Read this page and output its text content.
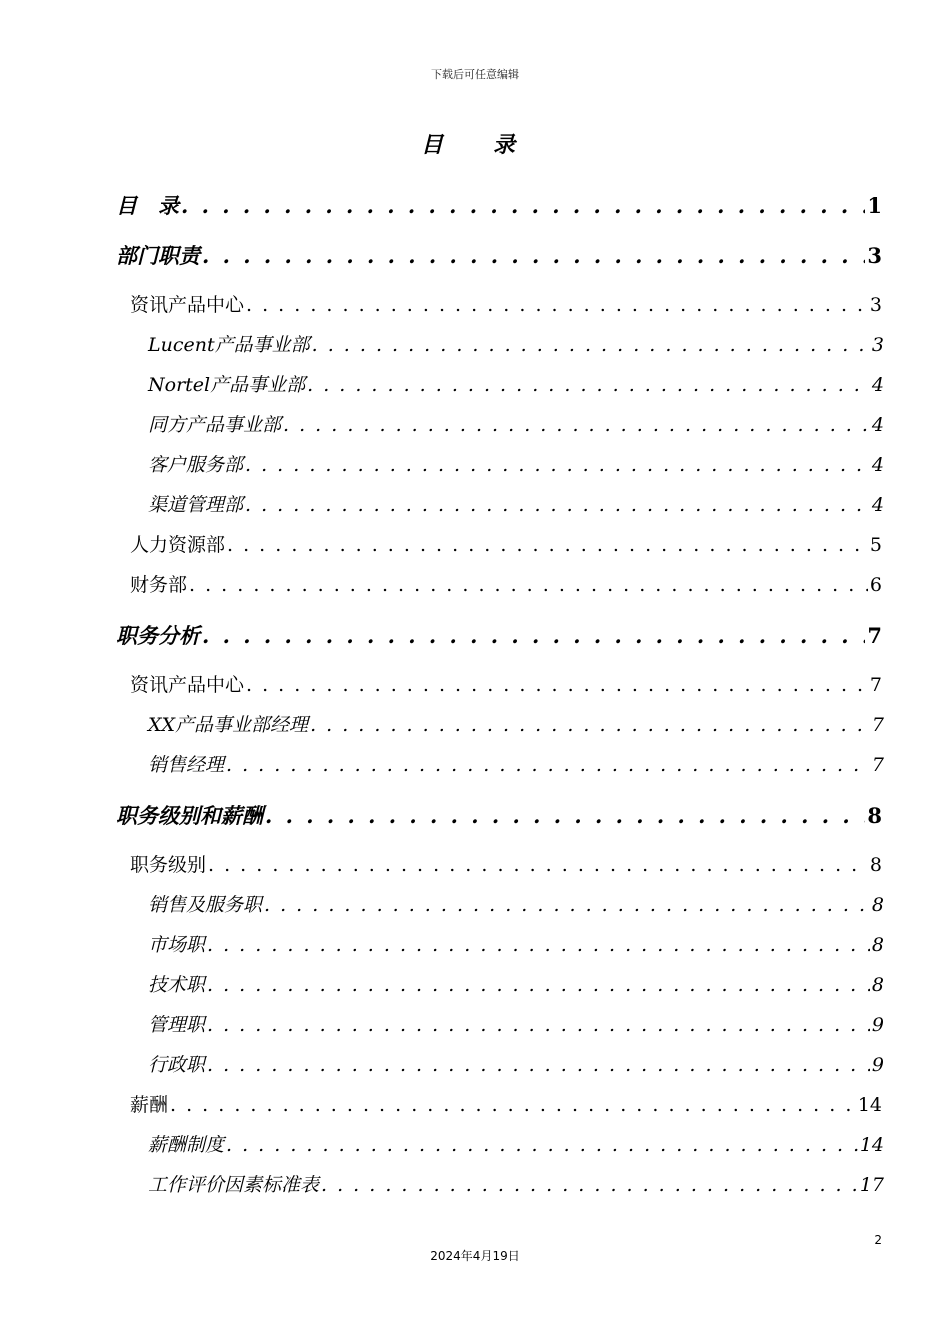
下载后可任意编辑
目　录
目　录 . . .	1
部门职责 . . .	3
资讯产品中心 . . .	3
Lucent产品事业部 . . .	3
Nortel产品事业部 . . .	4
同方产品事业部 . . .	4
客户服务部 . . .	4
渠道管理部 . . .	4
人力资源部 . . .	5
财务部 . . .	6
职务分析 . . .	7
资讯产品中心 . . .	7
XX产品事业部经理 . . .	7
销售经理 . . .	7
职务级别和薪酬 . . .	8
职务级别 . . .	8
销售及服务职 . . .	8
市场职 . . .	8
技术职 . . .	8
管理职 . . .	9
行政职 . . .	9
薪酬 . . .	14
薪酬制度 . . .	14
工作评价因素标准表 . . .	17
2
2024年4月19日
